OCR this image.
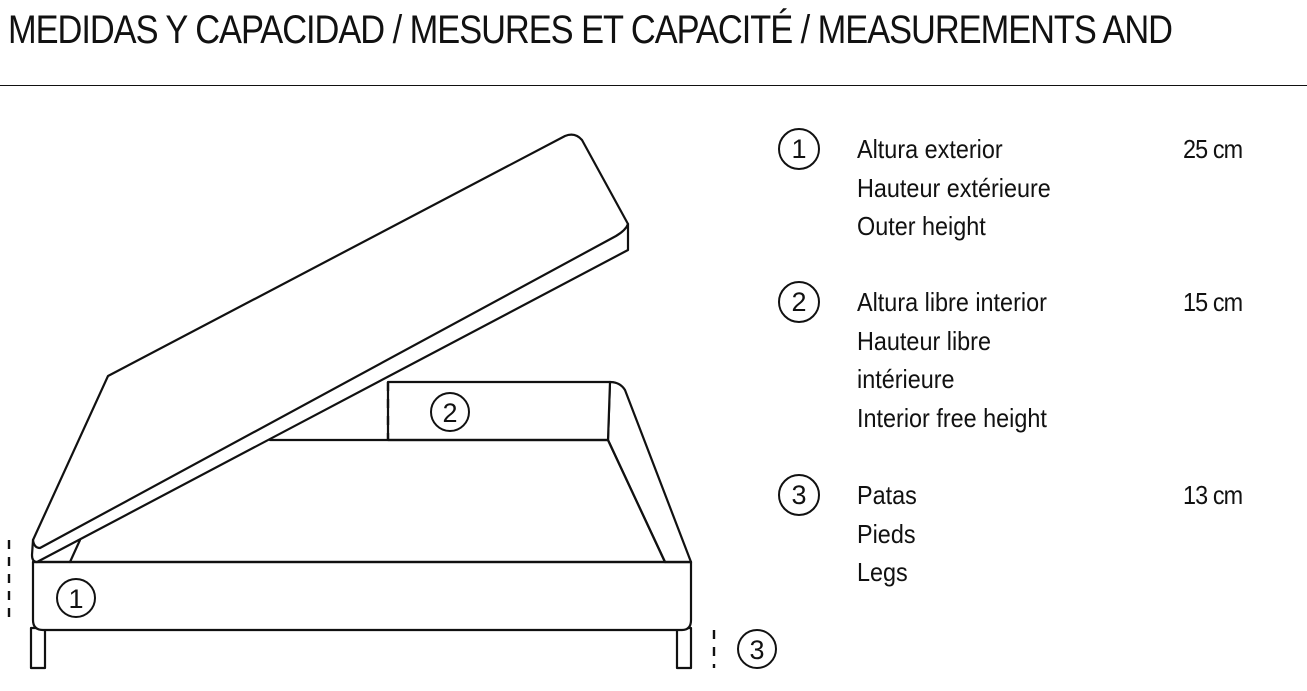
MEDIDAS Y CAPACIDAD / MESURES ET CAPACITÉ / MEASUREMENTS AND
1
2
3
1	Altura exterior
Hauteur extérieure
Outer height
25 cm
2	Altura libre interior
Hauteur libre
intérieure
Interior free height
15 cm
3	Patas
Pieds
Legs
13 cm
